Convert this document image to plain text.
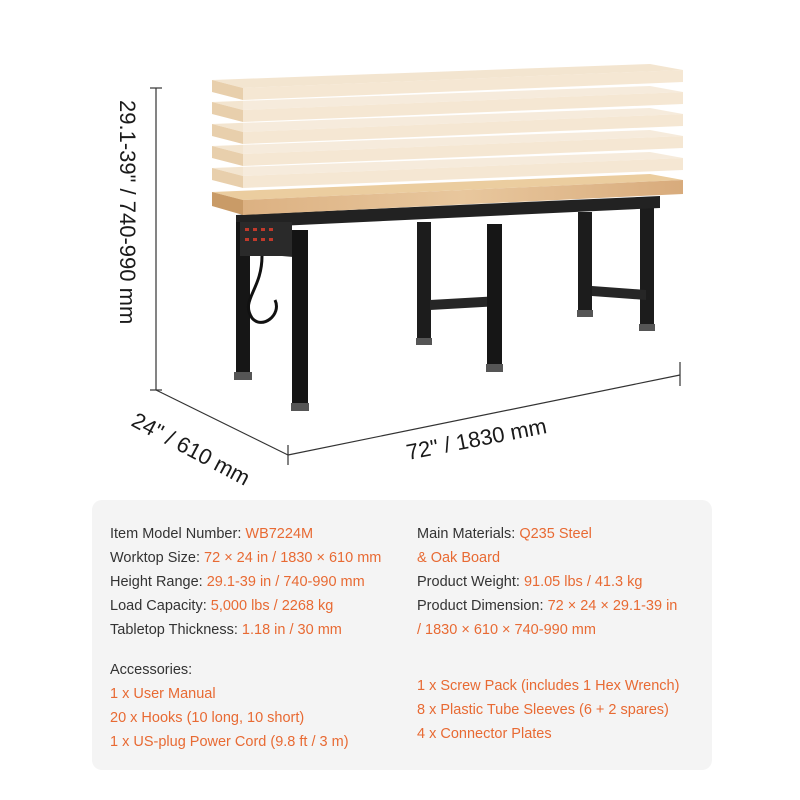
29.1-39" / 740-990 mm
24" / 610 mm	72" / 1830 mm
Item Model Number: WB7224M
Worktop Size: 72 × 24 in / 1830 × 610 mm
Height Range: 29.1-39 in / 740-990 mm
Load Capacity: 5,000 lbs / 2268 kg
Tabletop Thickness: 1.18 in / 30 mm
Accessories:
1 x User Manual
20 x Hooks (10 long, 10 short)
1 x US-plug Power Cord (9.8 ft / 3 m)
Main Materials: Q235 Steel
& Oak Board
Product Weight: 91.05 lbs / 41.3 kg
Product Dimension: 72 × 24 × 29.1-39 in
/ 1830 × 610 × 740-990 mm
1 x Screw Pack (includes 1 Hex Wrench)
8 x Plastic Tube Sleeves (6 + 2 spares)
4 x Connector Plates
